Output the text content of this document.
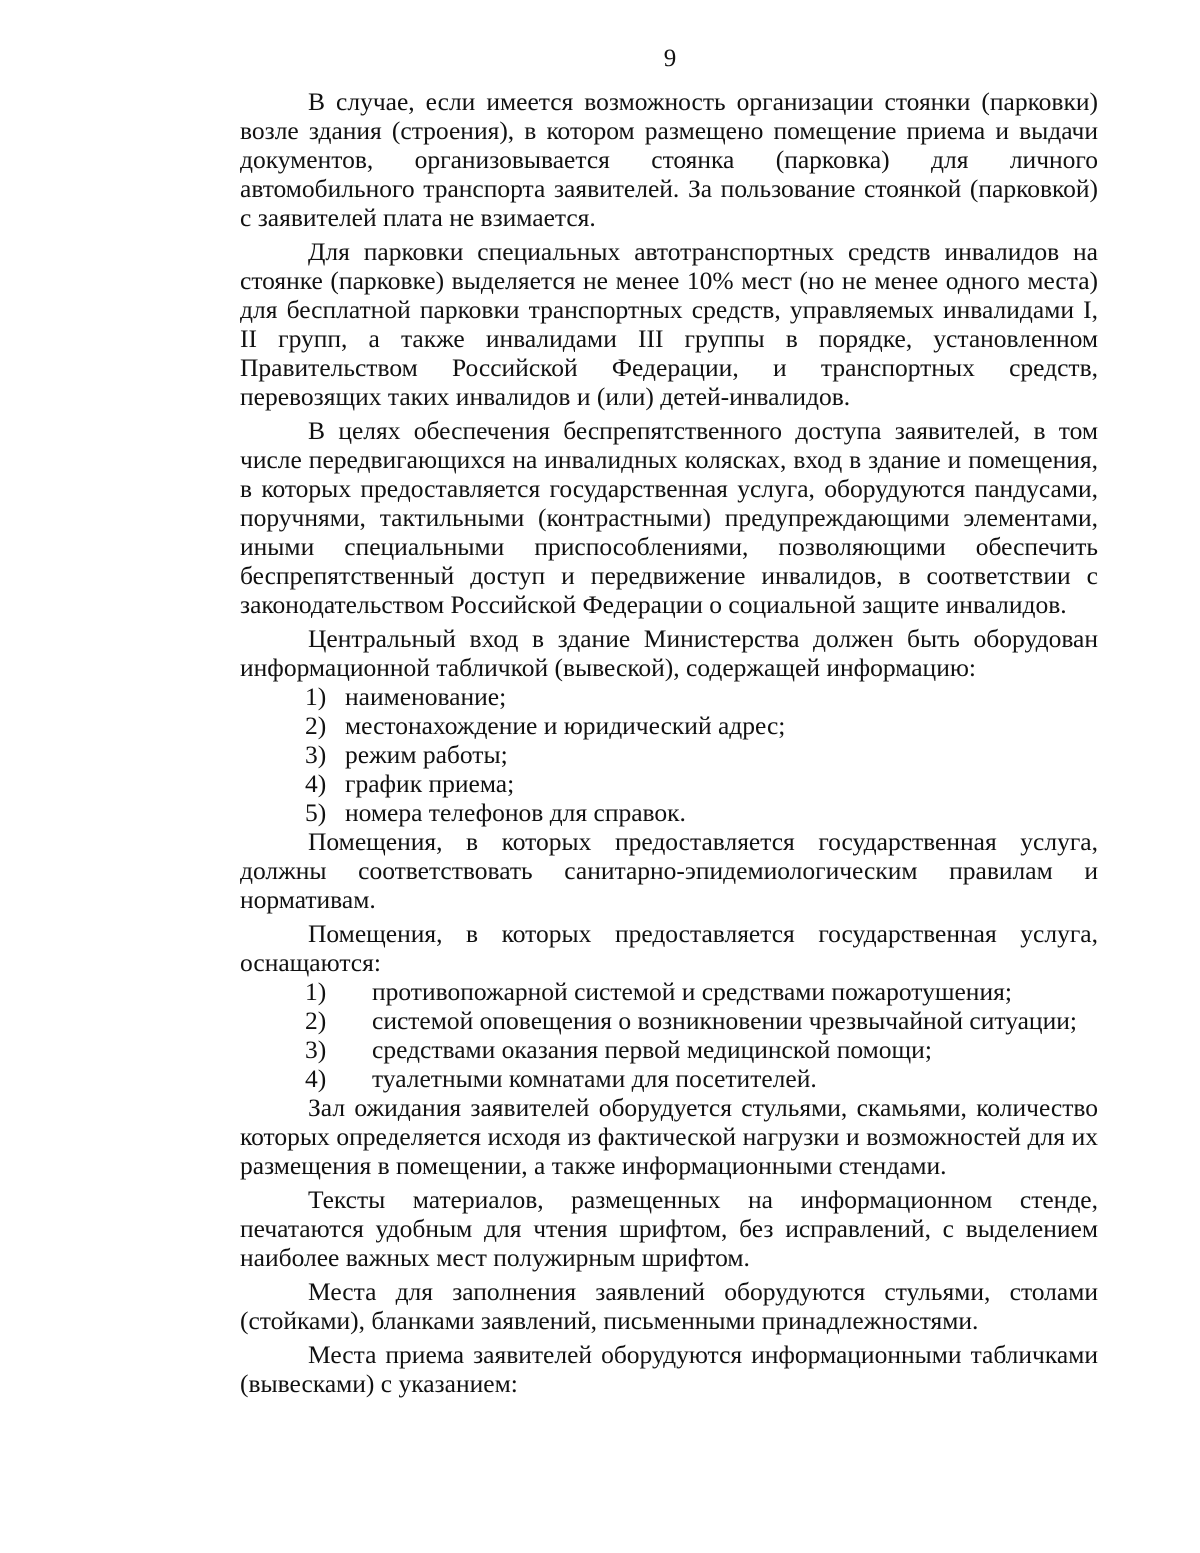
9

В случае, если имеется возможность организации стоянки (парковки) возле здания (строения), в котором размещено помещение приема и выдачи документов, организовывается стоянка (парковка) для личного автомобильного транспорта заявителей. За пользование стоянкой (парковкой) с заявителей плата не взимается.

Для парковки специальных автотранспортных средств инвалидов на стоянке (парковке) выделяется не менее 10% мест (но не менее одного места) для бесплатной парковки транспортных средств, управляемых инвалидами I, II групп, а также инвалидами III группы в порядке, установленном Правительством Российской Федерации, и транспортных средств, перевозящих таких инвалидов и (или) детей-инвалидов.

В целях обеспечения беспрепятственного доступа заявителей, в том числе передвигающихся на инвалидных колясках, вход в здание и помещения, в которых предоставляется государственная услуга, оборудуются пандусами, поручнями, тактильными (контрастными) предупреждающими элементами, иными специальными приспособлениями, позволяющими обеспечить беспрепятственный доступ и передвижение инвалидов, в соответствии с законодательством Российской Федерации о социальной защите инвалидов.

Центральный вход в здание Министерства должен быть оборудован информационной табличкой (вывеской), содержащей информацию:

1) наименование;
2) местонахождение и юридический адрес;
3) режим работы;
4) график приема;
5) номера телефонов для справок.

Помещения, в которых предоставляется государственная услуга, должны соответствовать санитарно-эпидемиологическим правилам и нормативам.

Помещения, в которых предоставляется государственная услуга, оснащаются:

1)	противопожарной системой и средствами пожаротушения;
2)	системой оповещения о возникновении чрезвычайной ситуации;
3)	средствами оказания первой медицинской помощи;
4)	туалетными комнатами для посетителей.

Зал ожидания заявителей оборудуется стульями, скамьями, количество которых определяется исходя из фактической нагрузки и возможностей для их размещения в помещении, а также информационными стендами.

Тексты материалов, размещенных на информационном стенде, печатаются удобным для чтения шрифтом, без исправлений, с выделением наиболее важных мест полужирным шрифтом.

Места для заполнения заявлений оборудуются стульями, столами (стойками), бланками заявлений, письменными принадлежностями.

Места приема заявителей оборудуются информационными табличками (вывесками) с указанием:
